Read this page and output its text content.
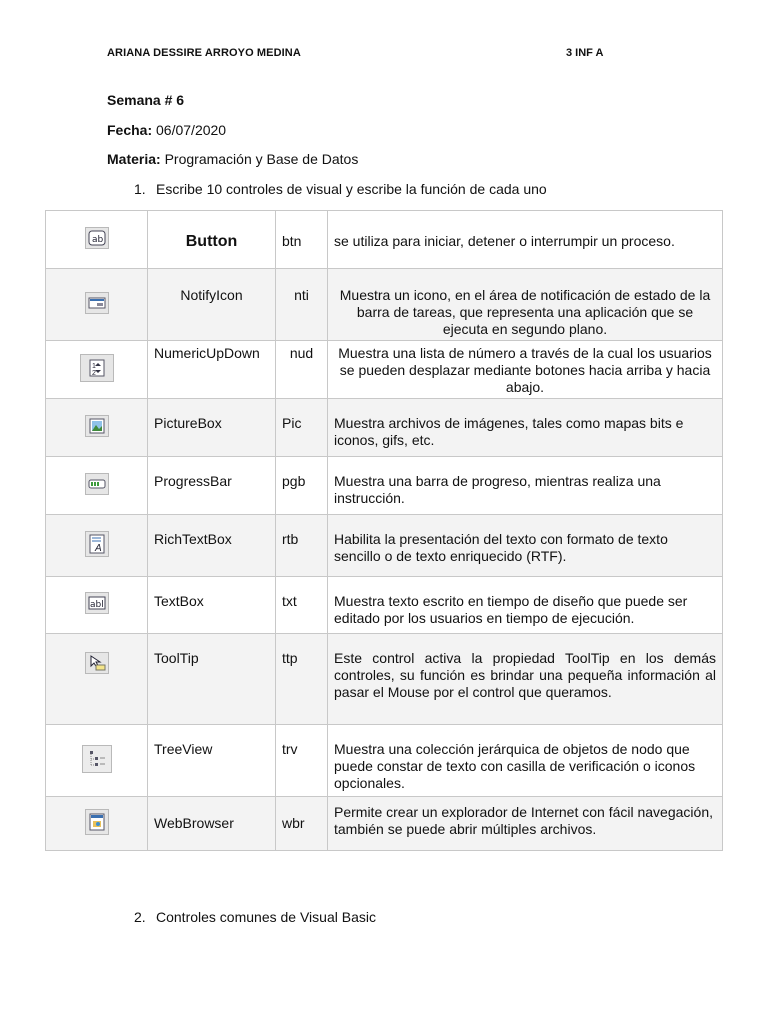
ARIANA DESSIRE ARROYO MEDINA	3 INF A
Semana # 6
Fecha: 06/07/2020
Materia: Programación y Base de Datos
1. Escribe 10 controles de visual y escribe la función de cada uno
ab	Button	btn	se utiliza para iniciar, detener o interrumpir un proceso.

	NotifyIcon	nti	Muestra un icono, en el área de notificación de estado de la barra de tareas, que representa una aplicación que se ejecuta en segundo plano.

1
2	NumericUpDown	nud	Muestra una lista de número a través de la cual los usuarios se pueden desplazar mediante botones hacia arriba y hacia abajo.

	PictureBox	Pic	Muestra archivos de imágenes, tales como mapas bits e iconos, gifs, etc.

	ProgressBar	pgb	Muestra una barra de progreso, mientras realiza una instrucción.

A	RichTextBox	rtb	Habilita la presentación del texto con formato de texto sencillo o de texto enriquecido (RTF).

abl	TextBox	txt	Muestra texto escrito en tiempo de diseño que puede ser editado por los usuarios en tiempo de ejecución.

	ToolTip	ttp	Este control activa la propiedad ToolTip en los demás controles, su función es brindar una pequeña información al pasar el Mouse por el control que queramos.

	TreeView	trv	Muestra una colección jerárquica de objetos de nodo que puede constar de texto con casilla de verificación o iconos opcionales.

	WebBrowser	wbr	Permite crear un explorador de Internet con fácil navegación, también se puede abrir múltiples archivos.
2. Controles comunes de Visual Basic
